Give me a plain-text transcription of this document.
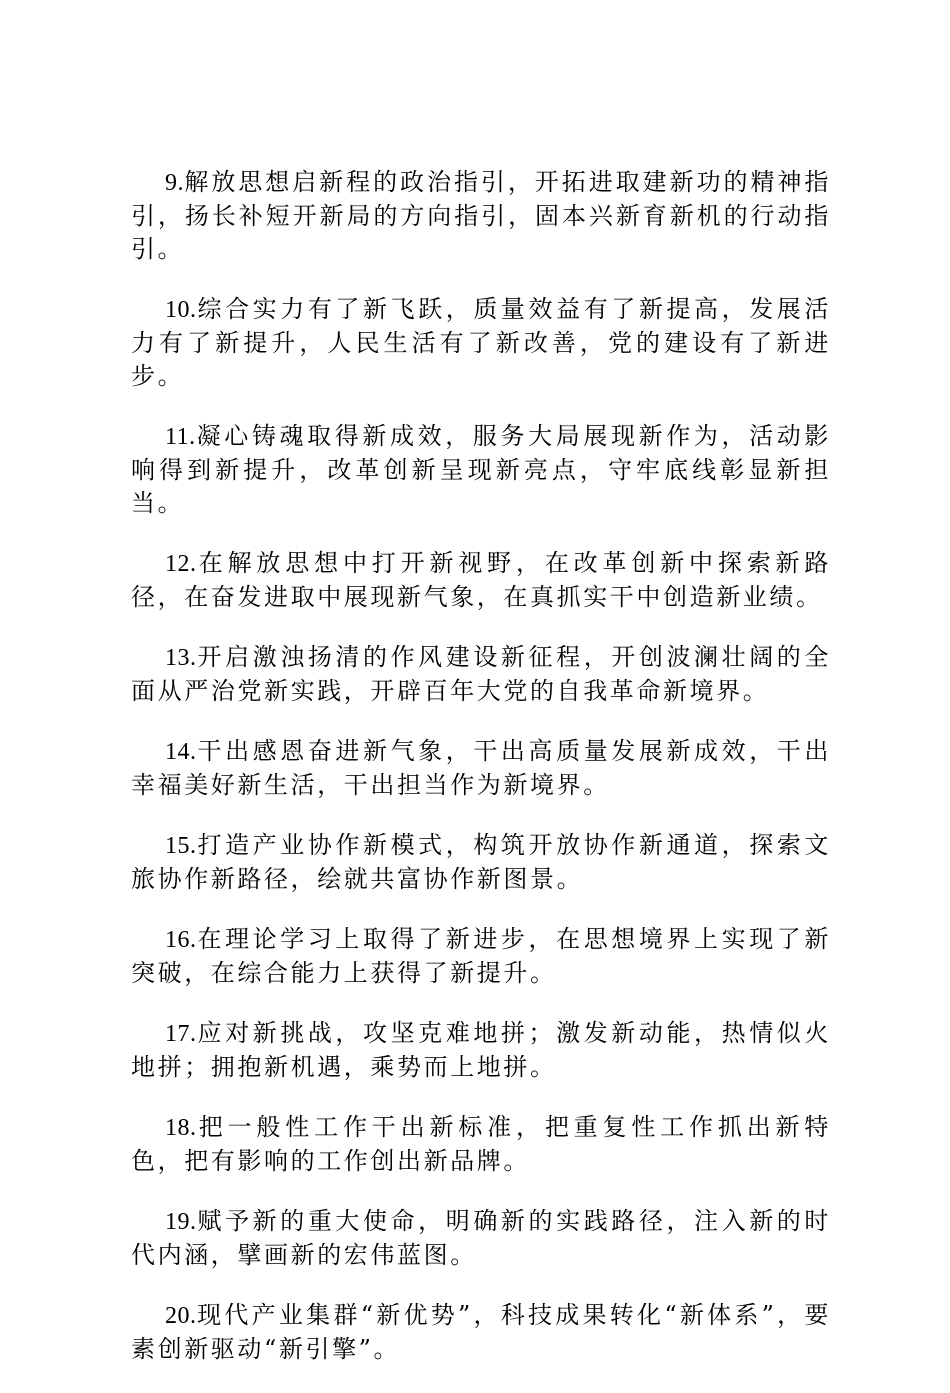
9.解放思想启新程的政治指引，开拓进取建新功的精神指引，扬长补短开新局的方向指引，固本兴新育新机的行动指引。

10.综合实力有了新飞跃，质量效益有了新提高，发展活力有了新提升，人民生活有了新改善，党的建设有了新进步。

11.凝心铸魂取得新成效，服务大局展现新作为，活动影响得到新提升，改革创新呈现新亮点，守牢底线彰显新担当。

12.在解放思想中打开新视野，在改革创新中探索新路径，在奋发进取中展现新气象，在真抓实干中创造新业绩。

13.开启激浊扬清的作风建设新征程，开创波澜壮阔的全面从严治党新实践，开辟百年大党的自我革命新境界。

14.干出感恩奋进新气象，干出高质量发展新成效，干出幸福美好新生活，干出担当作为新境界。

15.打造产业协作新模式，构筑开放协作新通道，探索文旅协作新路径，绘就共富协作新图景。

16.在理论学习上取得了新进步，在思想境界上实现了新突破，在综合能力上获得了新提升。

17.应对新挑战，攻坚克难地拼；激发新动能，热情似火地拼；拥抱新机遇，乘势而上地拼。

18.把一般性工作干出新标准，把重复性工作抓出新特色，把有影响的工作创出新品牌。

19.赋予新的重大使命，明确新的实践路径，注入新的时代内涵，擘画新的宏伟蓝图。

20.现代产业集群“新优势”，科技成果转化“新体系”，要素创新驱动“新引擎”。
